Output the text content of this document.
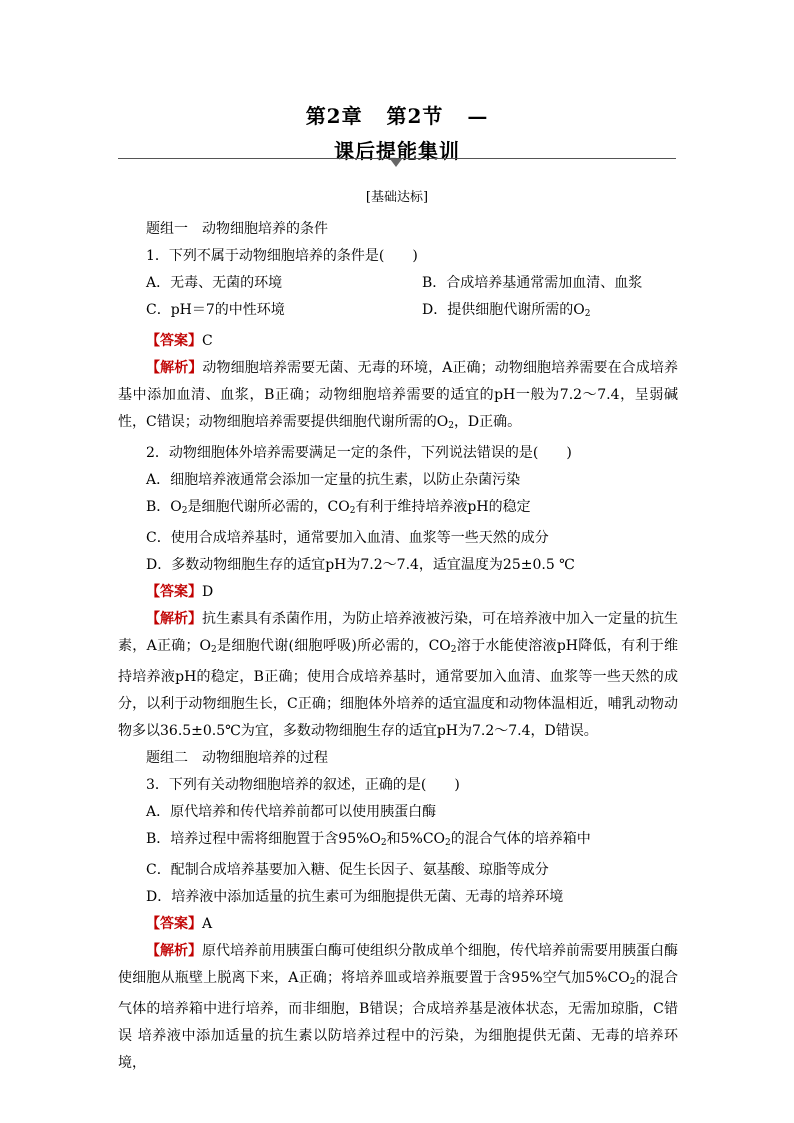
第2章 第2节 —
课后提能集训
[基础达标]

题组一　动物细胞培养的条件

1．下列不属于动物细胞培养的条件是(　　)

A．无毒、无菌的环境	B．合成培养基通常需加血清、血浆
C．pH＝7的中性环境	D．提供细胞代谢所需的$O_2$

【答案】C

【解析】动物细胞培养需要无菌、无毒的环境，A正确；动物细胞培养需要在合成培养基中添加血清、血浆，B正确；动物细胞培养需要的适宜的pH一般为7.2～7.4，呈弱碱性，C错误；动物细胞培养需要提供细胞代谢所需的$O_2$，D正确。

2．动物细胞体外培养需要满足一定的条件，下列说法错误的是(　　)

A．细胞培养液通常会添加一定量的抗生素，以防止杂菌污染

B．$O_2$是细胞代谢所必需的，$CO_2$有利于维持培养液pH的稳定

C．使用合成培养基时，通常要加入血清、血浆等一些天然的成分

D．多数动物细胞生存的适宜pH为7.2～7.4，适宜温度为25±0.5 ℃

【答案】D

【解析】抗生素具有杀菌作用，为防止培养液被污染，可在培养液中加入一定量的抗生素，A正确；$O_2$是细胞代谢(细胞呼吸)所必需的，$CO_2$溶于水能使溶液pH降低，有利于维持培养液pH的稳定，B正确；使用合成培养基时，通常要加入血清、血浆等一些天然的成分，以利于动物细胞生长，C正确；细胞体外培养的适宜温度和动物体温相近，哺乳动物动物多以36.5±0.5℃为宜，多数动物细胞生存的适宜pH为7.2～7.4，D错误。

题组二　动物细胞培养的过程

3．下列有关动物细胞培养的叙述，正确的是(　　)

A．原代培养和传代培养前都可以使用胰蛋白酶

B．培养过程中需将细胞置于含$95\%O_2$和$5\%CO_2$的混合气体的培养箱中

C．配制合成培养基要加入糖、促生长因子、氨基酸、琼脂等成分

D．培养液中添加适量的抗生素可为细胞提供无菌、无毒的培养环境

【答案】A

【解析】原代培养前用胰蛋白酶可使组织分散成单个细胞，传代培养前需要用胰蛋白酶使细胞从瓶壁上脱离下来，A正确；将培养皿或培养瓶要置于含95%空气加$5\%CO_2$的混合气体的培养箱中进行培养，而非细胞，B错误；合成培养基是液体状态，无需加琼脂，C错误 培养液中添加适量的抗生素以防培养过程中的污染，为细胞提供无菌、无毒的培养环境，
